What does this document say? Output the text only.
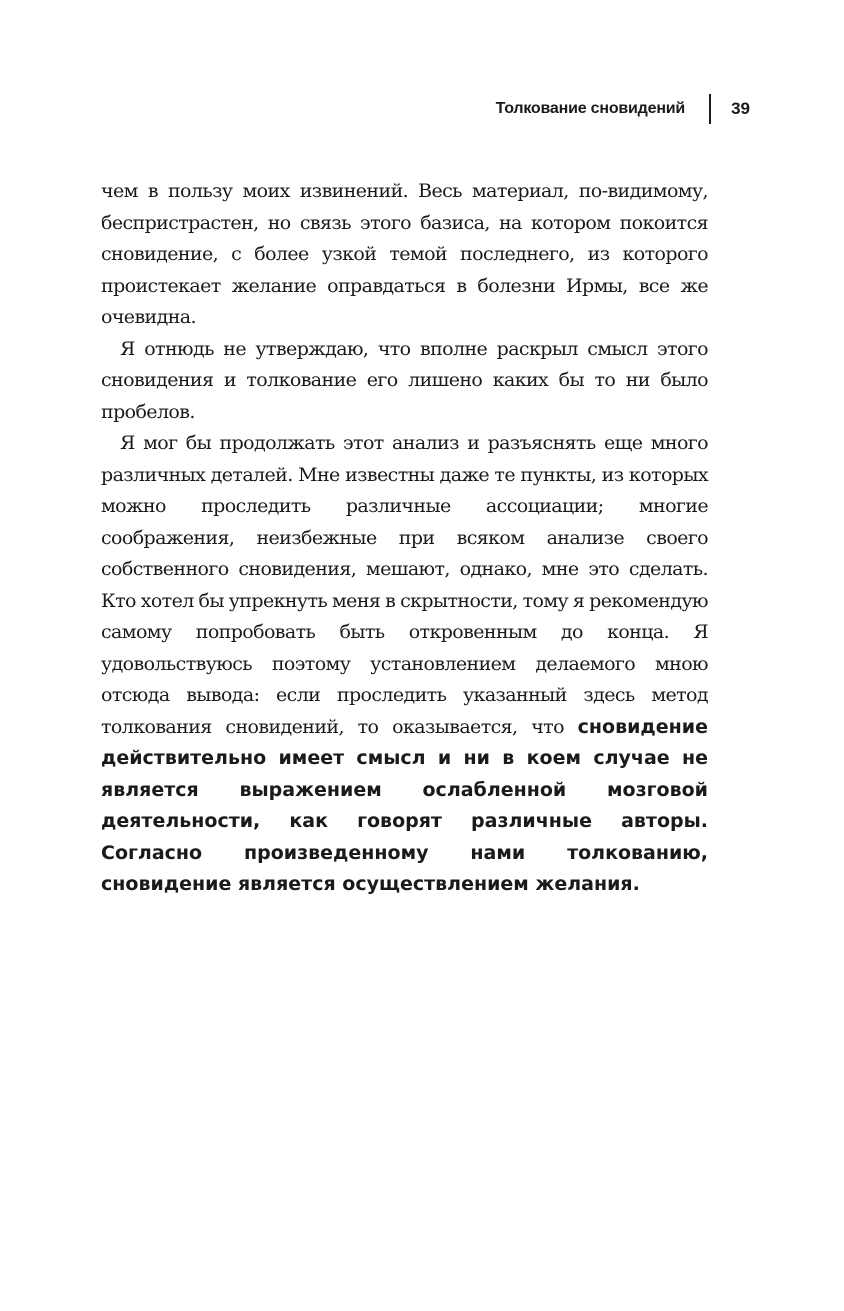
Толкование сновидений	39

чем в пользу моих извинений. Весь материал, по-видимому, беспристрастен, но связь этого базиса, на котором покоится сновидение, с более узкой темой последнего, из которого проистекает желание оправдаться в болезни Ирмы, все же очевидна.

Я отнюдь не утверждаю, что вполне раскрыл смысл этого сновидения и толкование его лишено каких бы то ни было пробелов.

Я мог бы продолжать этот анализ и разъяснять еще много различных деталей. Мне известны даже те пункты, из которых можно проследить различные ассоциации; многие соображения, неизбежные при всяком анализе своего собственного сновидения, мешают, однако, мне это сделать. Кто хотел бы упрекнуть меня в скрытности, тому я рекомендую самому попробовать быть откровенным до конца. Я удовольствуюсь поэтому установлением делаемого мною отсюда вывода: если проследить указанный здесь метод толкования сновидений, то оказывается, что сновидение действительно имеет смысл и ни в коем случае не является выражением ослабленной мозговой деятельности, как говорят различные авторы. Согласно произведенному нами толкованию, сновидение является осуществлением желания.
